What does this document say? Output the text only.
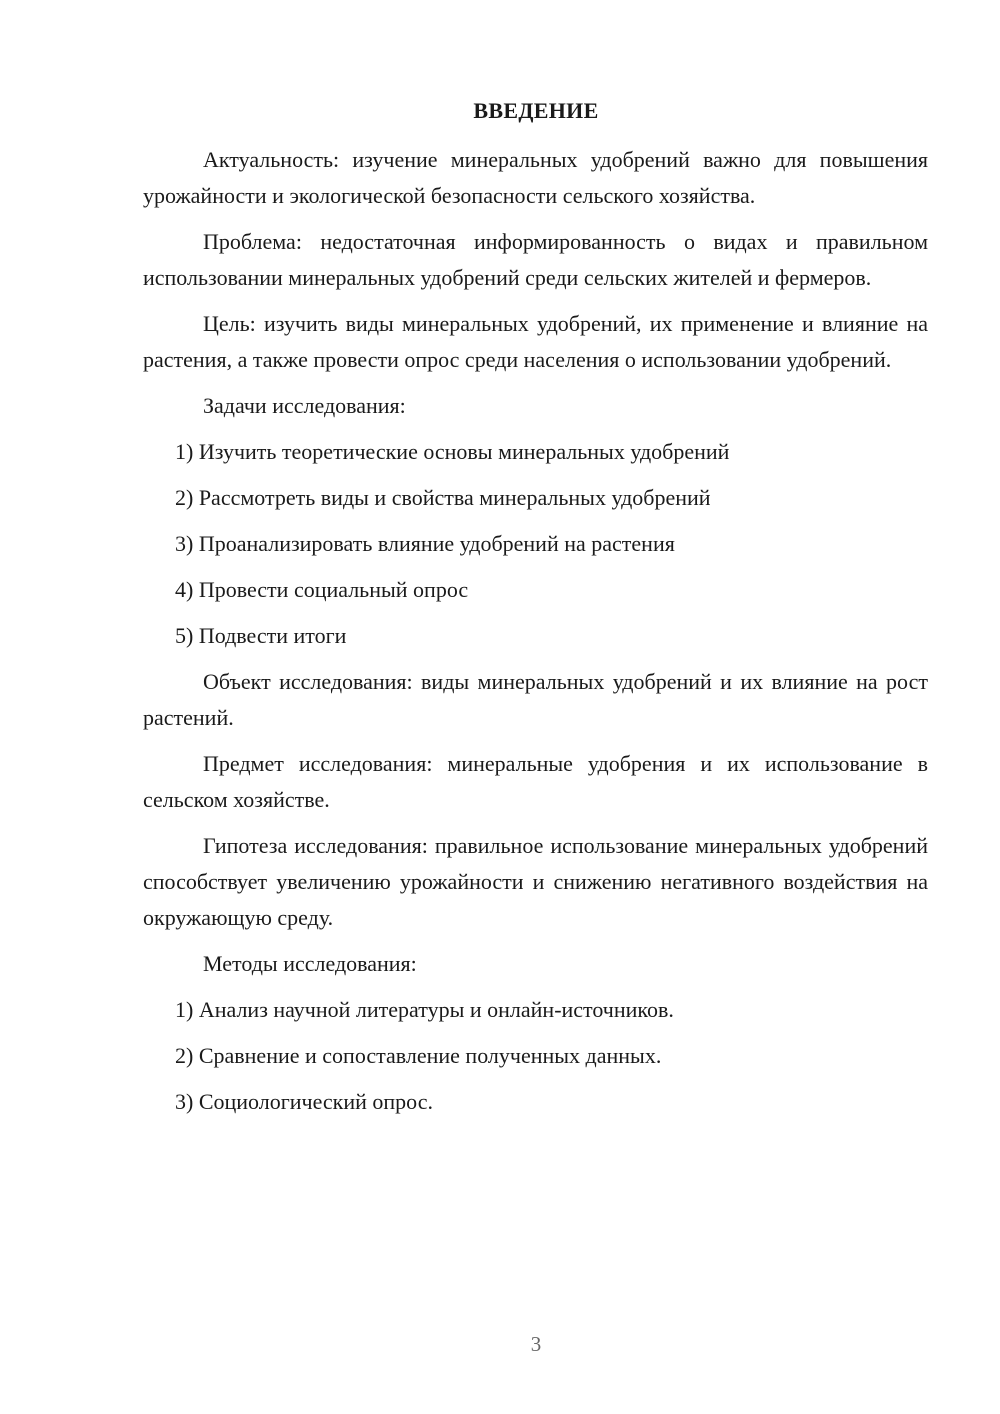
ВВЕДЕНИЕ

Актуальность: изучение минеральных удобрений важно для повышения урожайности и экологической безопасности сельского хозяйства.

Проблема: недостаточная информированность о видах и правильном использовании минеральных удобрений среди сельских жителей и фермеров.

Цель: изучить виды минеральных удобрений, их применение и влияние на растения, а также провести опрос среди населения о использовании удобрений.

Задачи исследования:

1) Изучить теоретические основы минеральных удобрений
2) Рассмотреть виды и свойства минеральных удобрений
3) Проанализировать влияние удобрений на растения
4) Провести социальный опрос
5) Подвести итоги

Объект исследования: виды минеральных удобрений и их влияние на рост растений.

Предмет исследования: минеральные удобрения и их использование в сельском хозяйстве.

Гипотеза исследования: правильное использование минеральных удобрений способствует увеличению урожайности и снижению негативного воздействия на окружающую среду.

Методы исследования:

1) Анализ научной литературы и онлайн-источников.
2) Сравнение и сопоставление полученных данных.
3) Социологический опрос.
3
